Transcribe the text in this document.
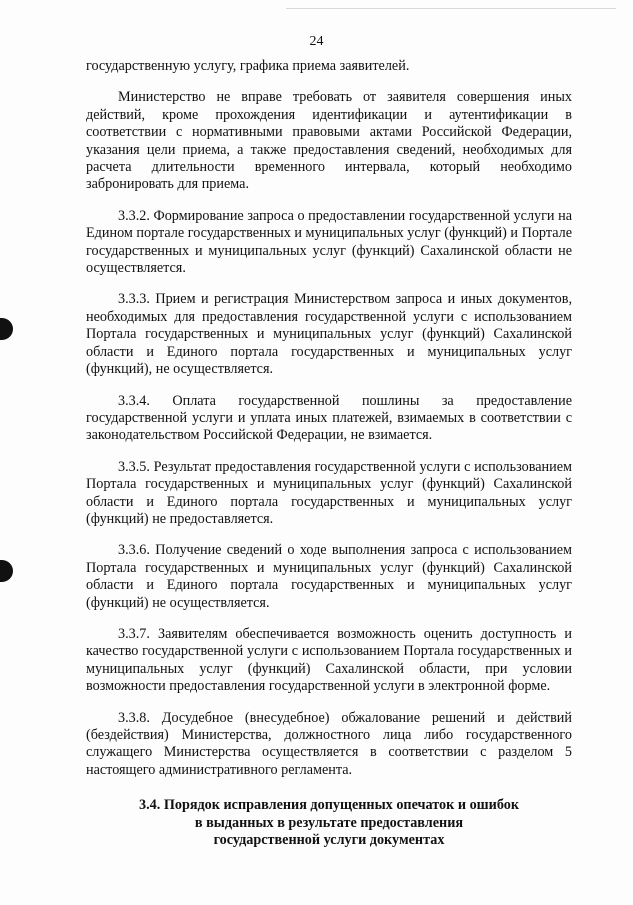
24

государственную услугу, графика приема заявителей.

Министерство не вправе требовать от заявителя совершения иных действий, кроме прохождения идентификации и аутентификации в соответствии с нормативными правовыми актами Российской Федерации, указания цели приема, а также предоставления сведений, необходимых для расчета длительности временного интервала, который необходимо забронировать для приема.

3.3.2. Формирование запроса о предоставлении государственной услуги на Едином портале государственных и муниципальных услуг (функций) и Портале государственных и муниципальных услуг (функций) Сахалинской области не осуществляется.

3.3.3. Прием и регистрация Министерством запроса и иных документов, необходимых для предоставления государственной услуги с использованием Портала государственных и муниципальных услуг (функций) Сахалинской области и Единого портала государственных и муниципальных услуг (функций), не осуществляется.

3.3.4. Оплата государственной пошлины за предоставление государственной услуги и уплата иных платежей, взимаемых в соответствии с законодательством Российской Федерации, не взимается.

3.3.5. Результат предоставления государственной услуги с использованием Портала государственных и муниципальных услуг (функций) Сахалинской области и Единого портала государственных и муниципальных услуг (функций) не предоставляется.

3.3.6. Получение сведений о ходе выполнения запроса с использованием Портала государственных и муниципальных услуг (функций) Сахалинской области и Единого портала государственных и муниципальных услуг (функций) не осуществляется.

3.3.7. Заявителям обеспечивается возможность оценить доступность и качество государственной услуги с использованием Портала государственных и муниципальных услуг (функций) Сахалинской области, при условии возможности предоставления государственной услуги в электронной форме.

3.3.8. Досудебное (внесудебное) обжалование решений и действий (бездействия) Министерства, должностного лица либо государственного служащего Министерства осуществляется в соответствии с разделом 5 настоящего административного регламента.

3.4. Порядок исправления допущенных опечаток и ошибок
в выданных в результате предоставления
государственной услуги документах
